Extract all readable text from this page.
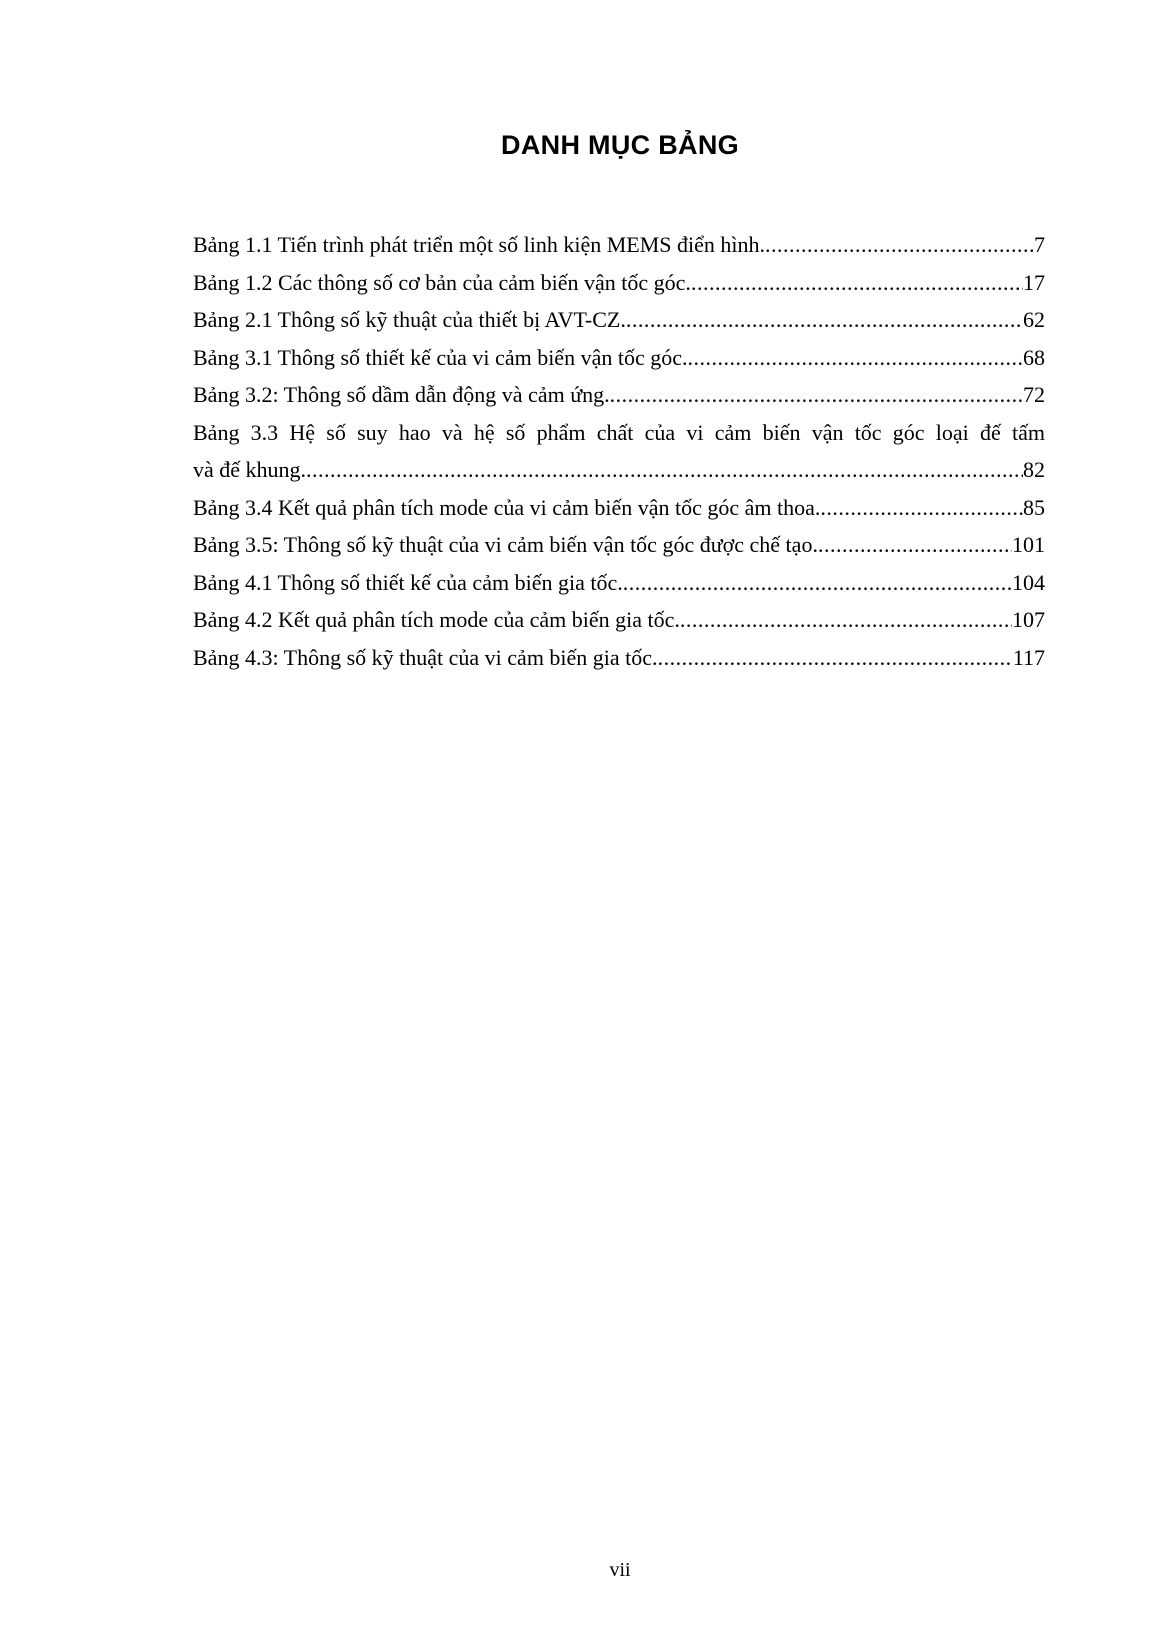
DANH MỤC BẢNG
Bảng 1.1 Tiến trình phát triển một số linh kiện MEMS điển hình. .....	7
Bảng 1.2 Các thông số cơ bản của cảm biến vận tốc góc. .....	17
Bảng 2.1 Thông số kỹ thuật của thiết bị AVT-CZ. .....	62
Bảng 3.1 Thông số thiết kế của vi cảm biến vận tốc góc. .....	68
Bảng 3.2: Thông số dầm dẫn động và cảm ứng. .....	72
Bảng 3.3 Hệ số suy hao và hệ số phẩm chất của vi cảm biến vận tốc góc loại đế tấm
và đế khung. .....	82
Bảng 3.4 Kết quả phân tích mode của vi cảm biến vận tốc góc âm thoa. .....	85
Bảng 3.5: Thông số kỹ thuật của vi cảm biến vận tốc góc được chế tạo. .....	101
Bảng 4.1 Thông số thiết kế của cảm biến gia tốc. .....	104
Bảng 4.2 Kết quả phân tích mode của cảm biến gia tốc. .....	107
Bảng 4.3: Thông số kỹ thuật của vi cảm biến gia tốc. .....	117
vii
